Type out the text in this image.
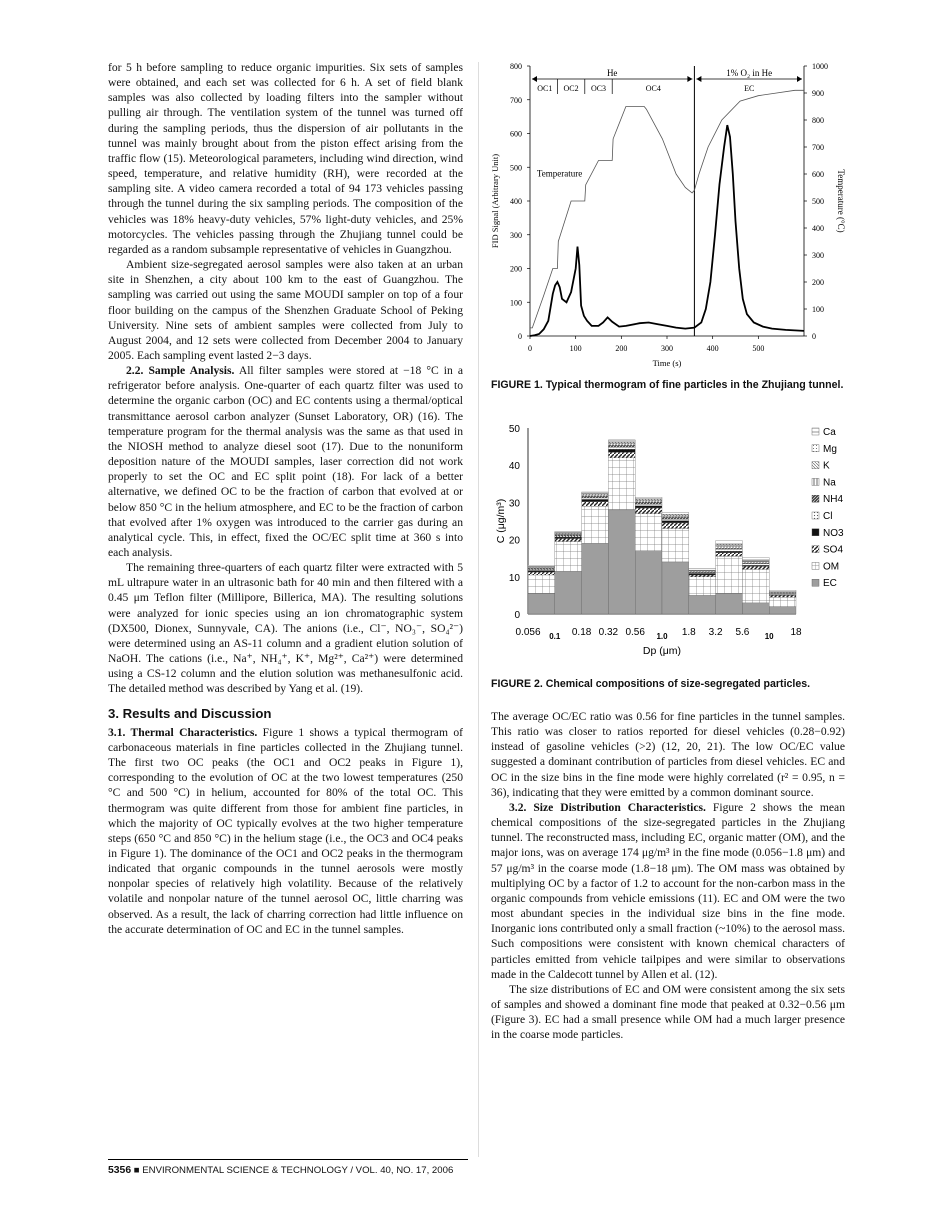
for 5 h before sampling to reduce organic impurities. Six sets of samples were obtained, and each set was collected for 6 h. A set of field blank samples was also collected by loading filters into the sampler without pulling air through. The ventilation system of the tunnel was turned off during the sampling periods, thus the dispersion of air pollutants in the tunnel was mainly brought about from the piston effect arising from the traffic flow (15). Meteorological parameters, including wind direction, wind speed, temperature, and relative humidity (RH), were recorded at the sampling site. A video camera recorded a total of 94 173 vehicles passing through the tunnel during the six sampling periods. The composition of the vehicles was 18% heavy-duty vehicles, 57% light-duty vehicles, and 25% motorcycles. The vehicles passing through the Zhujiang tunnel could be regarded as a random subsample representative of vehicles in Guangzhou.

Ambient size-segregated aerosol samples were also taken at an urban site in Shenzhen, a city about 100 km to the east of Guangzhou. The sampling was carried out using the same MOUDI sampler on top of a four floor building on the campus of the Shenzhen Graduate School of Peking University. Nine sets of ambient samples were collected from July to August 2004, and 12 sets were collected from December 2004 to January 2005. Each sampling event lasted 2−3 days.

2.2. Sample Analysis. All filter samples were stored at −18 °C in a refrigerator before analysis. One-quarter of each quartz filter was used to determine the organic carbon (OC) and EC contents using a thermal/optical transmittance aerosol carbon analyzer (Sunset Laboratory, OR) (16). The temperature program for the thermal analysis was the same as that used in the NIOSH method to analyze diesel soot (17). Due to the nonuniform deposition nature of the MOUDI samples, laser correction did not work properly to set the OC and EC split point (18). For lack of a better alternative, we defined OC to be the fraction of carbon that evolved at or below 850 °C in the helium atmosphere, and EC to be the fraction of carbon that evolved after 1% oxygen was introduced to the carrier gas during an analytical cycle. This, in effect, fixed the OC/EC split time at 360 s into each analysis.

The remaining three-quarters of each quartz filter were extracted with 5 mL ultrapure water in an ultrasonic bath for 40 min and then filtered with a 0.45 μm Teflon filter (Millipore, Billerica, MA). The resulting solutions were analyzed for ionic species using an ion chromatographic system (DX500, Dionex, Sunnyvale, CA). The anions (i.e., Cl⁻, NO₃⁻, SO₄²⁻) were determined using an AS-11 column and a gradient elution solution of NaOH. The cations (i.e., Na⁺, NH₄⁺, K⁺, Mg²⁺, Ca²⁺) were determined using a CS-12 column and the elution solution was methanesulfonic acid. The detailed method was described by Yang et al. (19).

3. Results and Discussion

3.1. Thermal Characteristics. Figure 1 shows a typical thermogram of carbonaceous materials in fine particles collected in the Zhujiang tunnel. The first two OC peaks (the OC1 and OC2 peaks in Figure 1), corresponding to the evolution of OC at the two lowest temperatures (250 °C and 500 °C) in helium, accounted for 80% of the total OC. This thermogram was quite different from those for ambient fine particles, in which the majority of OC typically evolves at the two higher temperature steps (650 °C and 850 °C) in the helium stage (i.e., the OC3 and OC4 peaks in Figure 1). The dominance of the OC1 and OC2 peaks in the thermogram indicated that organic compounds in the tunnel aerosols were mostly nonpolar species of relatively high volatility. Because of the relatively volatile and nonpolar nature of the tunnel aerosol OC, little charring was observed. As a result, the lack of charring correction had little influence on the accurate determination of OC and EC in the tunnel samples.

0
100
200
300
400
500
600
700
800
0
100
200
300
400
500
600
700
800
900
1000
0	100	200	300	400	500
Time (s)
FID Signal (Arbitrary Unit)	Temperature (°C)
He	1% O₂ in He
OC1 OC2 OC3	OC4	EC
Temperature
FIGURE 1. Typical thermogram of fine particles in the Zhujiang tunnel.
0
10
20
30
40
50
0.056 0.1 0.18 0.32 0.56 1.0 1.8 3.2 5.6 10 18
Dp (μm)
C (μg/m³)
Ca
Mg
K
Na
NH4
Cl
NO3
SO4
OM
EC
FIGURE 2. Chemical compositions of size-segregated particles.

The average OC/EC ratio was 0.56 for fine particles in the tunnel samples. This ratio was closer to ratios reported for diesel vehicles (0.28−0.92) instead of gasoline vehicles (>2) (12, 20, 21). The low OC/EC value suggested a dominant contribution of particles from diesel vehicles. EC and OC in the size bins in the fine mode were highly correlated (r² = 0.95, n = 36), indicating that they were emitted by a common dominant source.

3.2. Size Distribution Characteristics. Figure 2 shows the mean chemical compositions of the size-segregated particles in the Zhujiang tunnel. The reconstructed mass, including EC, organic matter (OM), and the major ions, was on average 174 μg/m³ in the fine mode (0.056−1.8 μm) and 57 μg/m³ in the coarse mode (1.8−18 μm). The OM mass was obtained by multiplying OC by a factor of 1.2 to account for the non-carbon mass in the organic compounds from vehicle emissions (11). EC and OM were the two most abundant species in the individual size bins in the fine mode. Inorganic ions contributed only a small fraction (~10%) to the aerosol mass. Such compositions were consistent with known chemical characters of particles emitted from vehicle tailpipes and were similar to observations made in the Caldecott tunnel by Allen et al. (12).

The size distributions of EC and OM were consistent among the six sets of samples and showed a dominant fine mode that peaked at 0.32−0.56 μm (Figure 3). EC had a small presence while OM had a much larger presence in the coarse mode particles.

5356 ■ ENVIRONMENTAL SCIENCE & TECHNOLOGY / VOL. 40, NO. 17, 2006
